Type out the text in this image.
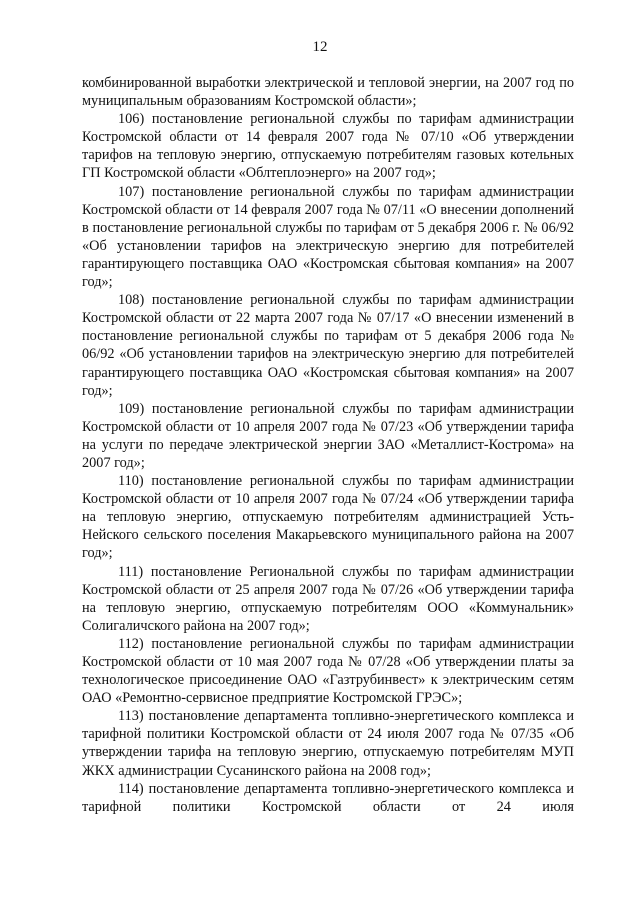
12

комбинированной выработки электрической и тепловой энергии, на 2007 год по муниципальным образованиям Костромской области»;

106) постановление региональной службы по тарифам администрации Костромской области от 14 февраля 2007 года № 07/10 «Об утверждении тарифов на тепловую энергию, отпускаемую потребителям газовых котельных ГП Костромской области «Облтеплоэнерго» на 2007 год»;

107) постановление региональной службы по тарифам администрации Костромской области от 14 февраля 2007 года № 07/11 «О внесении дополнений в постановление региональной службы по тарифам от 5 декабря 2006 г. № 06/92 «Об установлении тарифов на электрическую энергию для потребителей гарантирующего поставщика ОАО «Костромская сбытовая компания» на 2007 год»;

108) постановление региональной службы по тарифам администрации Костромской области от 22 марта 2007 года № 07/17 «О внесении изменений в постановление региональной службы по тарифам от 5 декабря 2006 года № 06/92 «Об установлении тарифов на электрическую энергию для потребителей гарантирующего поставщика ОАО «Костромская сбытовая компания» на 2007 год»;

109) постановление региональной службы по тарифам администрации Костромской области от 10 апреля 2007 года № 07/23 «Об утверждении тарифа на услуги по передаче электрической энергии ЗАО «Металлист-Кострома» на 2007 год»;

110) постановление региональной службы по тарифам администрации Костромской области от 10 апреля 2007 года № 07/24 «Об утверждении тарифа на тепловую энергию, отпускаемую потребителям администрацией Усть-Нейского сельского поселения Макарьевского муниципального района на 2007 год»;

111) постановление Региональной службы по тарифам администрации Костромской области от 25 апреля 2007 года № 07/26 «Об утверждении тарифа на тепловую энергию, отпускаемую потребителям ООО «Коммунальник» Солигаличского района на 2007 год»;

112) постановление региональной службы по тарифам администрации Костромской области от 10 мая 2007 года № 07/28 «Об утверждении платы за технологическое присоединение ОАО «Газтрубинвест» к электрическим сетям ОАО «Ремонтно-сервисное предприятие Костромской ГРЭС»;

113) постановление департамента топливно-энергетического комплекса и тарифной политики Костромской области от 24 июля 2007 года № 07/35 «Об утверждении тарифа на тепловую энергию, отпускаемую потребителям МУП ЖКХ администрации Сусанинского района на 2008 год»;

114) постановление департамента топливно-энергетического комплекса и тарифной политики Костромской области от 24 июля
